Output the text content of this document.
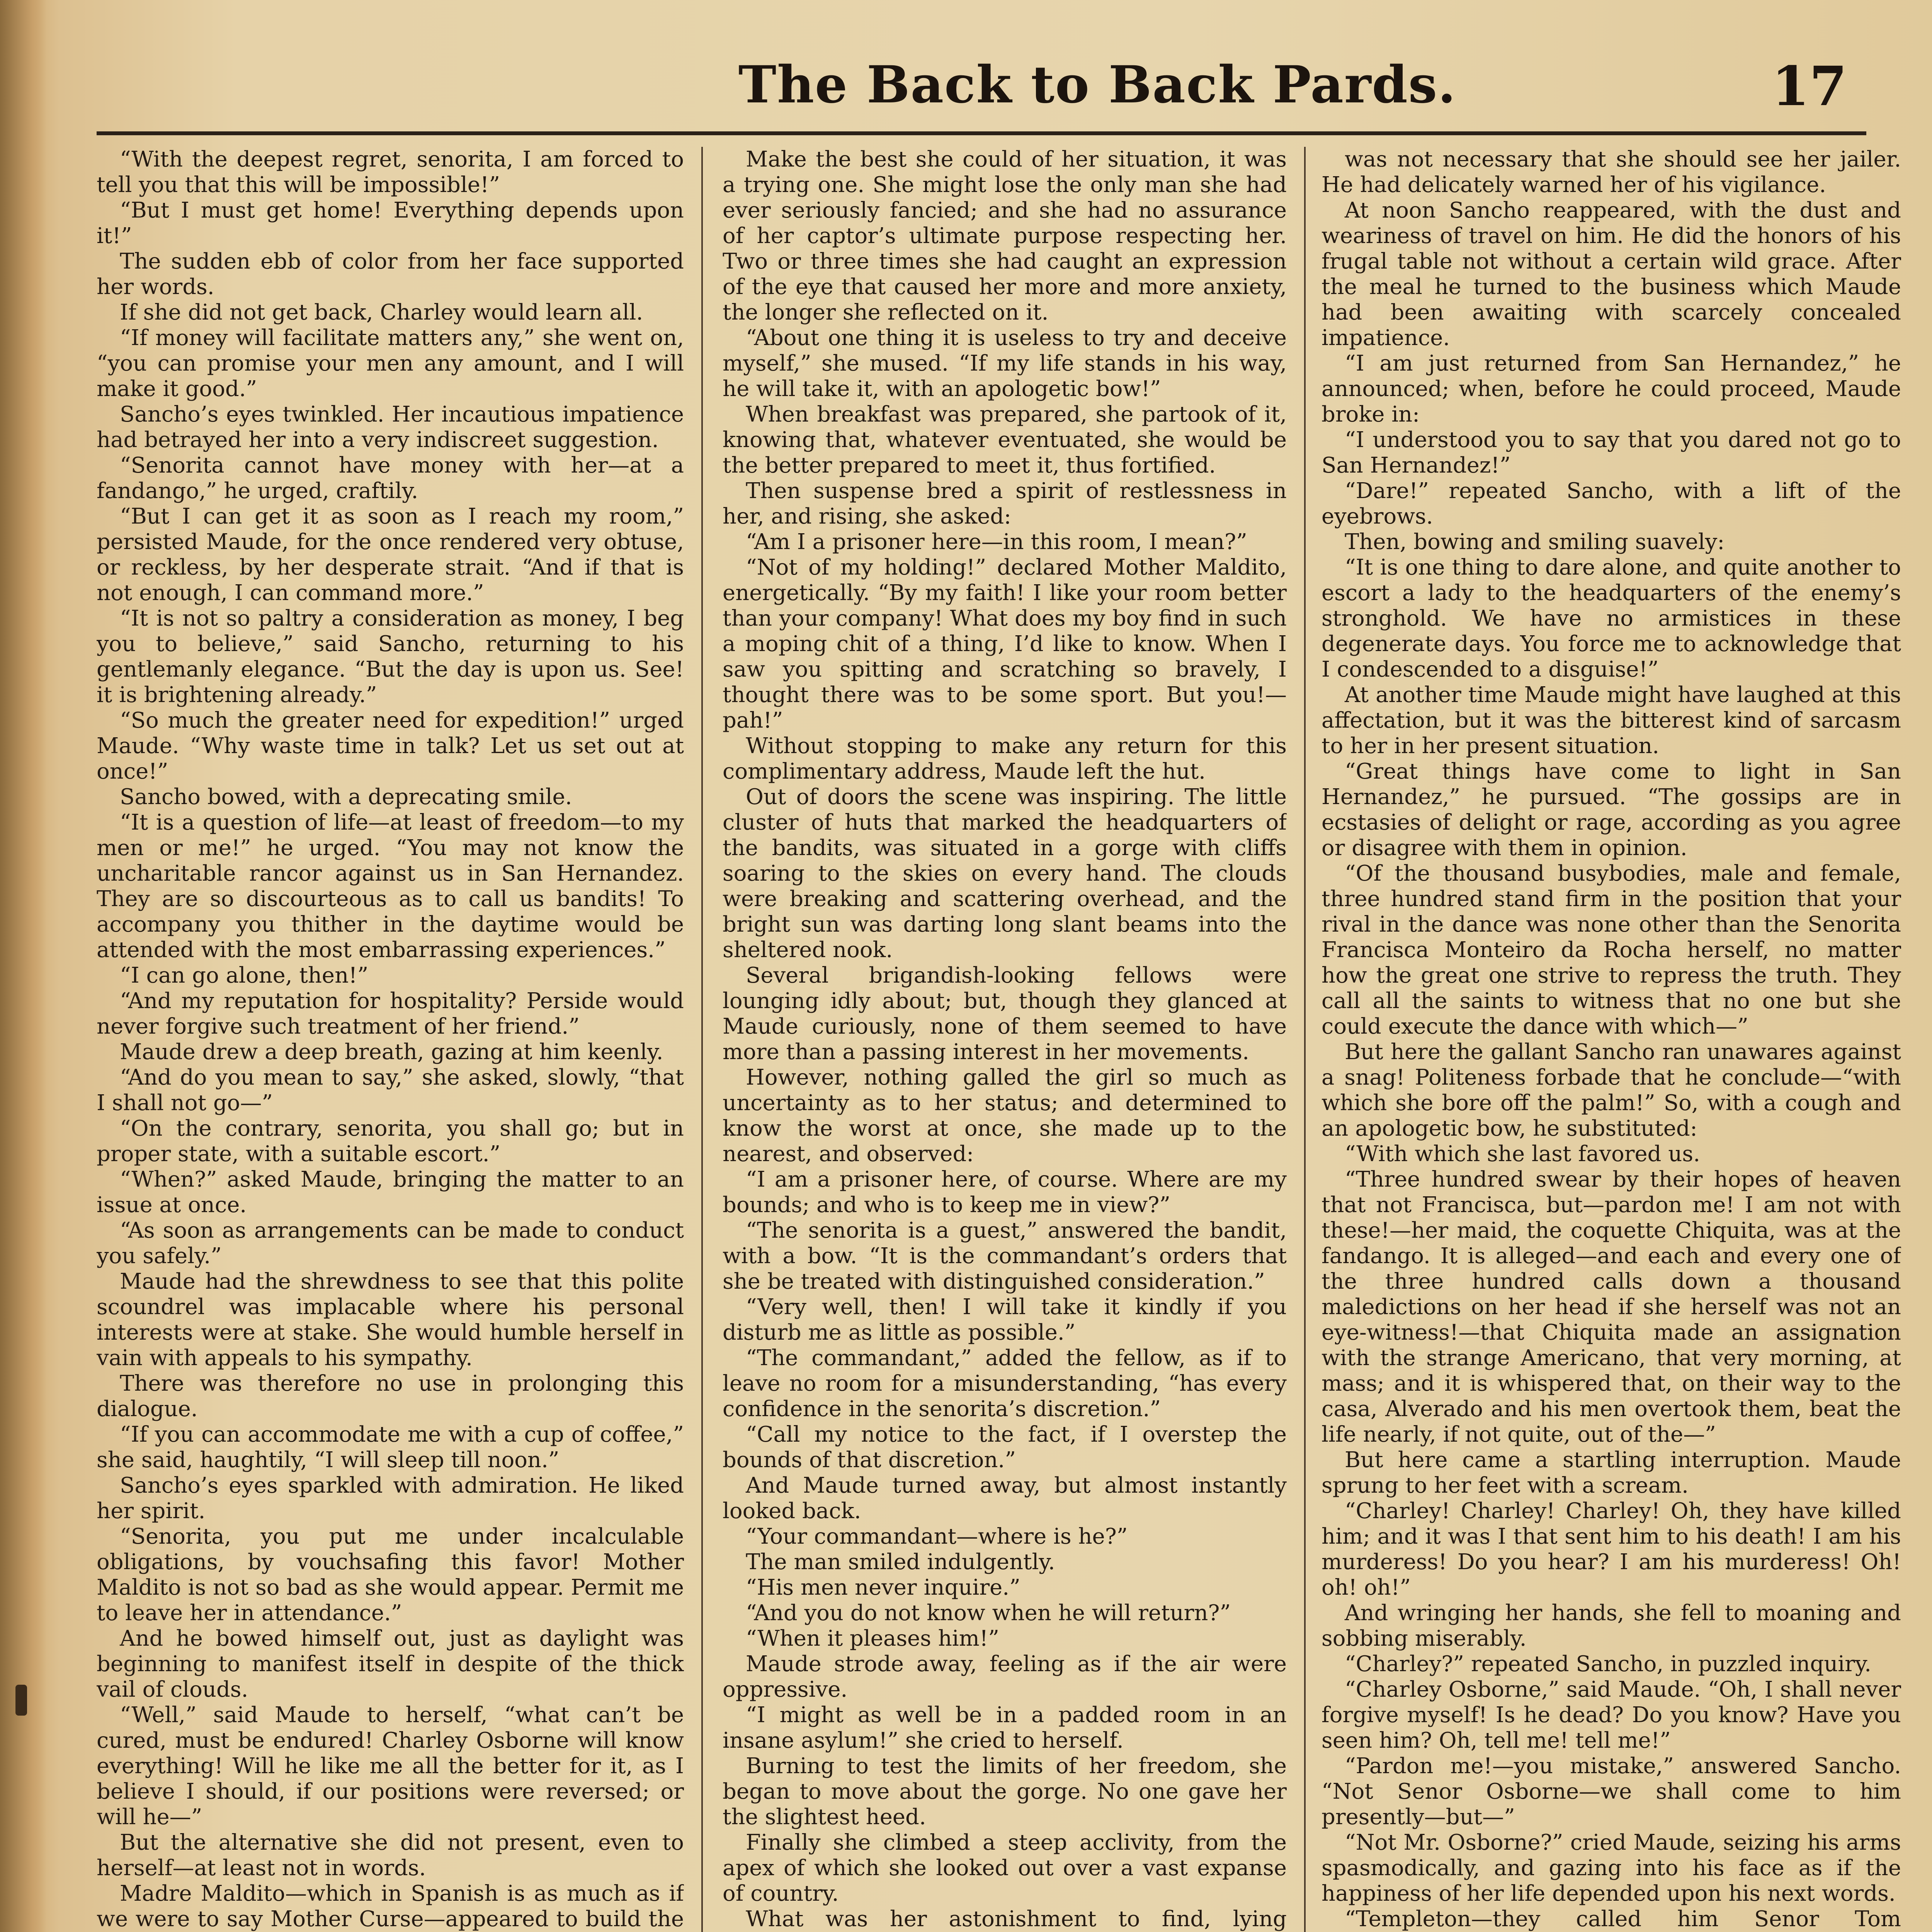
The Back to Back Pards.	17

“With the deepest regret, senorita, I am forced to tell you that this will be impossible!”

“But I must get home! Everything depends upon it!”

The sudden ebb of color from her face supported her words.

If she did not get back, Charley would learn all.

“If money will facilitate matters any,” she went on, “you can promise your men any amount, and I will make it good.”

Sancho’s eyes twinkled. Her incautious impatience had betrayed her into a very indiscreet suggestion.

“Senorita cannot have money with her—at a fandango,” he urged, craftily.

“But I can get it as soon as I reach my room,” persisted Maude, for the once rendered very obtuse, or reckless, by her desperate strait. “And if that is not enough, I can command more.”

“It is not so paltry a consideration as money, I beg you to believe,” said Sancho, returning to his gentlemanly elegance. “But the day is upon us. See! it is brightening already.”

“So much the greater need for expedition!” urged Maude. “Why waste time in talk? Let us set out at once!”

Sancho bowed, with a deprecating smile.

“It is a question of life—at least of freedom—to my men or me!” he urged. “You may not know the uncharitable rancor against us in San Hernandez. They are so discourteous as to call us bandits! To accompany you thither in the daytime would be attended with the most embarrassing experiences.”

“I can go alone, then!”

“And my reputation for hospitality? Perside would never forgive such treatment of her friend.”

Maude drew a deep breath, gazing at him keenly.

“And do you mean to say,” she asked, slowly, “that I shall not go—”

“On the contrary, senorita, you shall go; but in proper state, with a suitable escort.”

“When?” asked Maude, bringing the matter to an issue at once.

“As soon as arrangements can be made to conduct you safely.”

Maude had the shrewdness to see that this polite scoundrel was implacable where his personal interests were at stake. She would humble herself in vain with appeals to his sympathy.

There was therefore no use in prolonging this dialogue.

“If you can accommodate me with a cup of coffee,” she said, haughtily, “I will sleep till noon.”

Sancho’s eyes sparkled with admiration. He liked her spirit.

“Senorita, you put me under incalculable obligations, by vouchsafing this favor! Mother Maldito is not so bad as she would appear. Permit me to leave her in attendance.”

And he bowed himself out, just as daylight was beginning to manifest itself in despite of the thick vail of clouds.

“Well,” said Maude to herself, “what can’t be cured, must be endured! Charley Osborne will know everything! Will he like me all the better for it, as I believe I should, if our positions were reversed; or will he—”

But the alternative she did not present, even to herself—at least not in words.

Madre Maldito—which in Spanish is as much as if we were to say Mother Curse—appeared to build the

Make the best she could of her situation, it was a trying one. She might lose the only man she had ever seriously fancied; and she had no assurance of her captor’s ultimate purpose respecting her. Two or three times she had caught an expression of the eye that caused her more and more anxiety, the longer she reflected on it.

“About one thing it is useless to try and deceive myself,” she mused. “If my life stands in his way, he will take it, with an apologetic bow!”

When breakfast was prepared, she partook of it, knowing that, whatever eventuated, she would be the better prepared to meet it, thus fortified.

Then suspense bred a spirit of restlessness in her, and rising, she asked:

“Am I a prisoner here—in this room, I mean?”

“Not of my holding!” declared Mother Maldito, energetically. “By my faith! I like your room better than your company! What does my boy find in such a moping chit of a thing, I’d like to know. When I saw you spitting and scratching so bravely, I thought there was to be some sport. But you!—pah!”

Without stopping to make any return for this complimentary address, Maude left the hut.

Out of doors the scene was inspiring. The little cluster of huts that marked the headquarters of the bandits, was situated in a gorge with cliffs soaring to the skies on every hand. The clouds were breaking and scattering overhead, and the bright sun was darting long slant beams into the sheltered nook.

Several brigandish-looking fellows were lounging idly about; but, though they glanced at Maude curiously, none of them seemed to have more than a passing interest in her movements.

However, nothing galled the girl so much as uncertainty as to her status; and determined to know the worst at once, she made up to the nearest, and observed:

“I am a prisoner here, of course. Where are my bounds; and who is to keep me in view?”

“The senorita is a guest,” answered the bandit, with a bow. “It is the commandant’s orders that she be treated with distinguished consideration.”

“Very well, then! I will take it kindly if you disturb me as little as possible.”

“The commandant,” added the fellow, as if to leave no room for a misunderstanding, “has every confidence in the senorita’s discretion.”

“Call my notice to the fact, if I overstep the bounds of that discretion.”

And Maude turned away, but almost instantly looked back.

“Your commandant—where is he?”

The man smiled indulgently.

“His men never inquire.”

“And you do not know when he will return?”

“When it pleases him!”

Maude strode away, feeling as if the air were oppressive.

“I might as well be in a padded room in an insane asylum!” she cried to herself.

Burning to test the limits of her freedom, she began to move about the gorge. No one gave her the slightest heed.

Finally she climbed a steep acclivity, from the apex of which she looked out over a vast expanse of country.

What was her astonishment to find, lying

was not necessary that she should see her jailer. He had delicately warned her of his vigilance.

At noon Sancho reappeared, with the dust and weariness of travel on him. He did the honors of his frugal table not without a certain wild grace. After the meal he turned to the business which Maude had been awaiting with scarcely concealed impatience.

“I am just returned from San Hernandez,” he announced; when, before he could proceed, Maude broke in:

“I understood you to say that you dared not go to San Hernandez!”

“Dare!” repeated Sancho, with a lift of the eyebrows.

Then, bowing and smiling suavely:

“It is one thing to dare alone, and quite another to escort a lady to the headquarters of the enemy’s stronghold. We have no armistices in these degenerate days. You force me to acknowledge that I condescended to a disguise!”

At another time Maude might have laughed at this affectation, but it was the bitterest kind of sarcasm to her in her present situation.

“Great things have come to light in San Hernandez,” he pursued. “The gossips are in ecstasies of delight or rage, according as you agree or disagree with them in opinion.

“Of the thousand busybodies, male and female, three hundred stand firm in the position that your rival in the dance was none other than the Senorita Francisca Monteiro da Rocha herself, no matter how the great one strive to repress the truth. They call all the saints to witness that no one but she could execute the dance with which—”

But here the gallant Sancho ran unawares against a snag! Politeness forbade that he conclude—“with which she bore off the palm!” So, with a cough and an apologetic bow, he substituted:

“With which she last favored us.

“Three hundred swear by their hopes of heaven that not Francisca, but—pardon me! I am not with these!—her maid, the coquette Chiquita, was at the fandango. It is alleged—and each and every one of the three hundred calls down a thousand maledictions on her head if she herself was not an eye-witness!—that Chiquita made an assignation with the strange Americano, that very morning, at mass; and it is whispered that, on their way to the casa, Alverado and his men overtook them, beat the life nearly, if not quite, out of the—”

But here came a startling interruption. Maude sprung to her feet with a scream.

“Charley! Charley! Charley! Oh, they have killed him; and it was I that sent him to his death! I am his murderess! Do you hear? I am his murderess! Oh! oh! oh!”

And wringing her hands, she fell to moaning and sobbing miserably.

“Charley?” repeated Sancho, in puzzled inquiry.

“Charley Osborne,” said Maude. “Oh, I shall never forgive myself! Is he dead? Do you know? Have you seen him? Oh, tell me! tell me!”

“Pardon me!—you mistake,” answered Sancho. “Not Senor Osborne—we shall come to him presently—but—”

“Not Mr. Osborne?” cried Maude, seizing his arms spasmodically, and gazing into his face as if the happiness of her life depended upon his next words.

“Templeton—they called him Senor Tom
